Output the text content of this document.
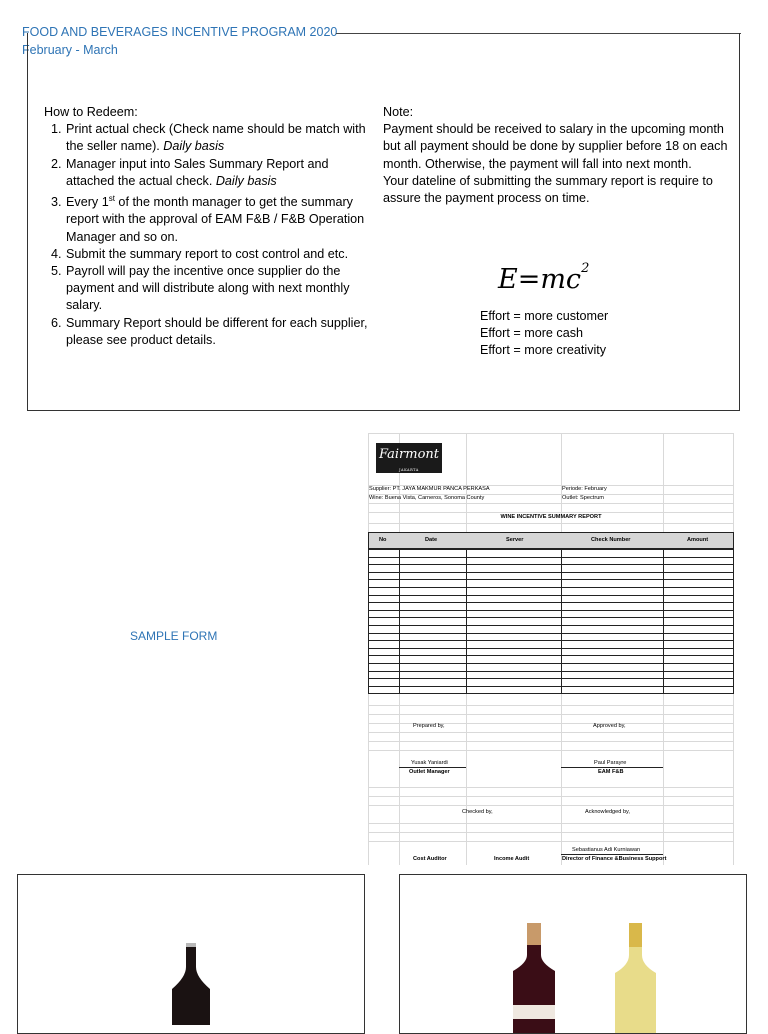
FOOD AND BEVERAGES INCENTIVE PROGRAM 2020
February - March
How to Redeem:
1. Print actual check (Check name should be match with the seller name). Daily basis
2. Manager input into Sales Summary Report and attached the actual check. Daily basis
3. Every 1st of the month manager to get the summary report with the approval of EAM F&B / F&B Operation Manager and so on.
4. Submit the summary report to cost control and etc.
5. Payroll will pay the incentive once supplier do the payment and will distribute along with next monthly salary.
6. Summary Report should be different for each supplier, please see product details.

Note:

Payment should be received to salary in the upcoming month but all payment should be done by supplier before 18 on each month. Otherwise, the payment will fall into next month.

Your dateline of submitting the summary report is require to assure the payment process on time.

$E=mc^2$
Effort = more customer
Effort = more cash
Effort = more creativity
SAMPLE FORM
JAKARTA
Fairmont
Supplier: PT. JAYA MAKMUR PANCA PERKASA	Periode: February
Wine: Buena Vista, Carneros, Sonoma County	Outlet: Spectrum
WINE INCENTIVE SUMMARY REPORT
No	Date	Server	Check Number	Amount
Prepared by,	Approved by,
Yusak Yaniardi	Paul Parayre
Outlet Manager	EAM F&B
Checked by,	Acknowledged by,
Sebastianus Adi Kurniawan
Cost Auditor	Income Audit	Director of Finance &Business Support
